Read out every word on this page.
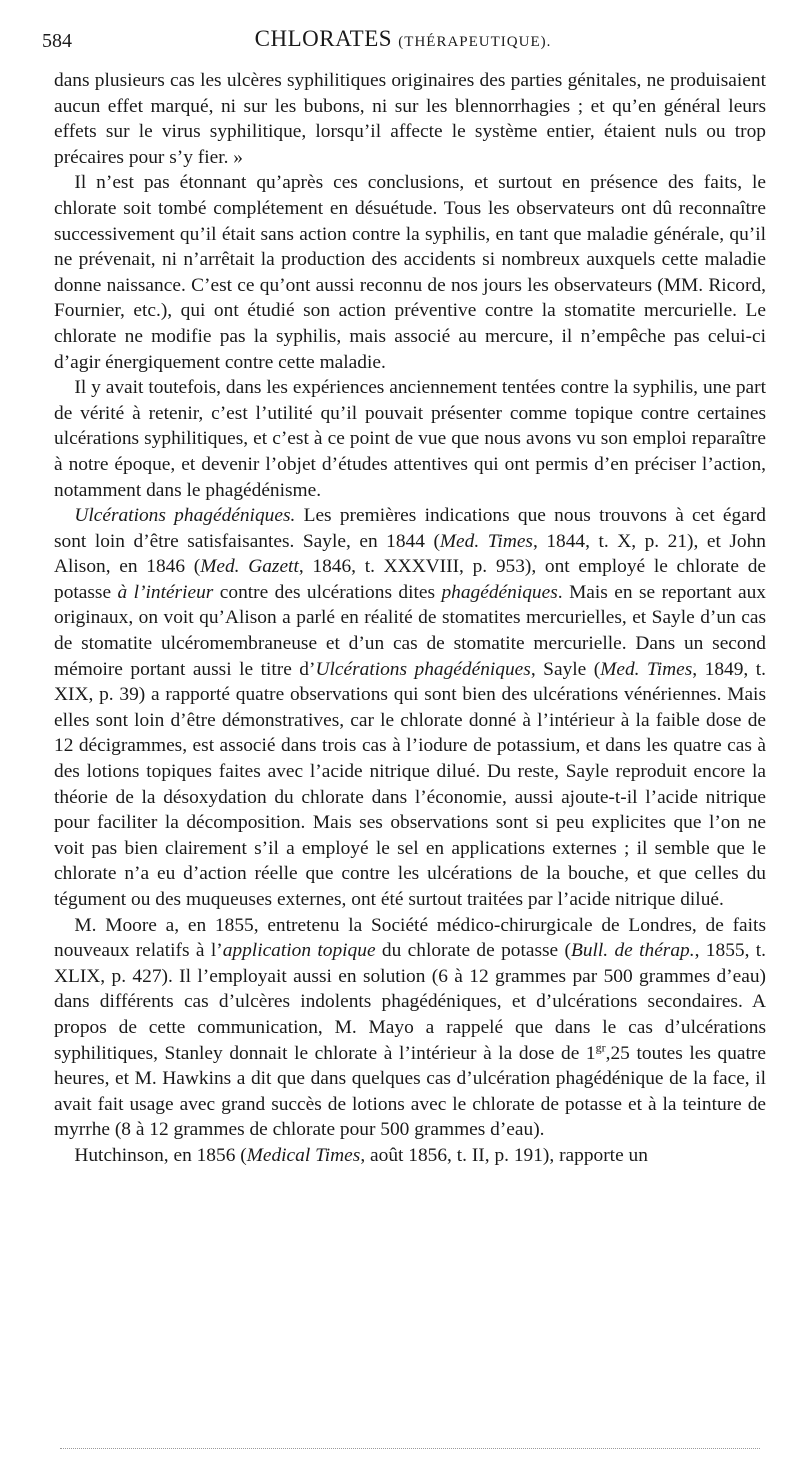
584	CHLORATES (THÉRAPEUTIQUE).

dans plusieurs cas les ulcères syphilitiques originaires des parties génitales, ne produisaient aucun effet marqué, ni sur les bubons, ni sur les blennorrhagies ; et qu’en général leurs effets sur le virus syphilitique, lorsqu’il affecte le système entier, étaient nuls ou trop précaires pour s’y fier. »

Il n’est pas étonnant qu’après ces conclusions, et surtout en présence des faits, le chlorate soit tombé complétement en désuétude. Tous les observateurs ont dû reconnaître successivement qu’il était sans action contre la syphilis, en tant que maladie générale, qu’il ne prévenait, ni n’arrêtait la production des accidents si nombreux auxquels cette maladie donne naissance. C’est ce qu’ont aussi reconnu de nos jours les observateurs (MM. Ricord, Fournier, etc.), qui ont étudié son action préventive contre la stomatite mercurielle. Le chlorate ne modifie pas la syphilis, mais associé au mercure, il n’empêche pas celui-ci d’agir énergiquement contre cette maladie.

Il y avait toutefois, dans les expériences anciennement tentées contre la syphilis, une part de vérité à retenir, c’est l’utilité qu’il pouvait présenter comme topique contre certaines ulcérations syphilitiques, et c’est à ce point de vue que nous avons vu son emploi reparaître à notre époque, et devenir l’objet d’études attentives qui ont permis d’en préciser l’action, notamment dans le phagédénisme.

Ulcérations phagédéniques. Les premières indications que nous trouvons à cet égard sont loin d’être satisfaisantes. Sayle, en 1844 (Med. Times, 1844, t. X, p. 21), et John Alison, en 1846 (Med. Gazett, 1846, t. XXXVIII, p. 953), ont employé le chlorate de potasse à l’intérieur contre des ulcérations dites phagédéniques. Mais en se reportant aux originaux, on voit qu’Alison a parlé en réalité de stomatites mercurielles, et Sayle d’un cas de stomatite ulcéromembraneuse et d’un cas de stomatite mercurielle. Dans un second mémoire portant aussi le titre d’Ulcérations phagédéniques, Sayle (Med. Times, 1849, t. XIX, p. 39) a rapporté quatre observations qui sont bien des ulcérations vénériennes. Mais elles sont loin d’être démonstratives, car le chlorate donné à l’intérieur à la faible dose de 12 décigrammes, est associé dans trois cas à l’iodure de potassium, et dans les quatre cas à des lotions topiques faites avec l’acide nitrique dilué. Du reste, Sayle reproduit encore la théorie de la désoxydation du chlorate dans l’économie, aussi ajoute-t-il l’acide nitrique pour faciliter la décomposition. Mais ses observations sont si peu explicites que l’on ne voit pas bien clairement s’il a employé le sel en applications externes ; il semble que le chlorate n’a eu d’action réelle que contre les ulcérations de la bouche, et que celles du tégument ou des muqueuses externes, ont été surtout traitées par l’acide nitrique dilué.

M. Moore a, en 1855, entretenu la Société médico-chirurgicale de Londres, de faits nouveaux relatifs à l’application topique du chlorate de potasse (Bull. de thérap., 1855, t. XLIX, p. 427). Il l’employait aussi en solution (6 à 12 grammes par 500 grammes d’eau) dans différents cas d’ulcères indolents phagédéniques, et d’ulcérations secondaires. A propos de cette communication, M. Mayo a rappelé que dans le cas d’ulcérations syphilitiques, Stanley donnait le chlorate à l’intérieur à la dose de $1^{gr},25$ toutes les quatre heures, et M. Hawkins a dit que dans quelques cas d’ulcération phagédénique de la face, il avait fait usage avec grand succès de lotions avec le chlorate de potasse et à la teinture de myrrhe (8 à 12 grammes de chlorate pour 500 grammes d’eau).

Hutchinson, en 1856 (Medical Times, août 1856, t. II, p. 191), rapporte un
